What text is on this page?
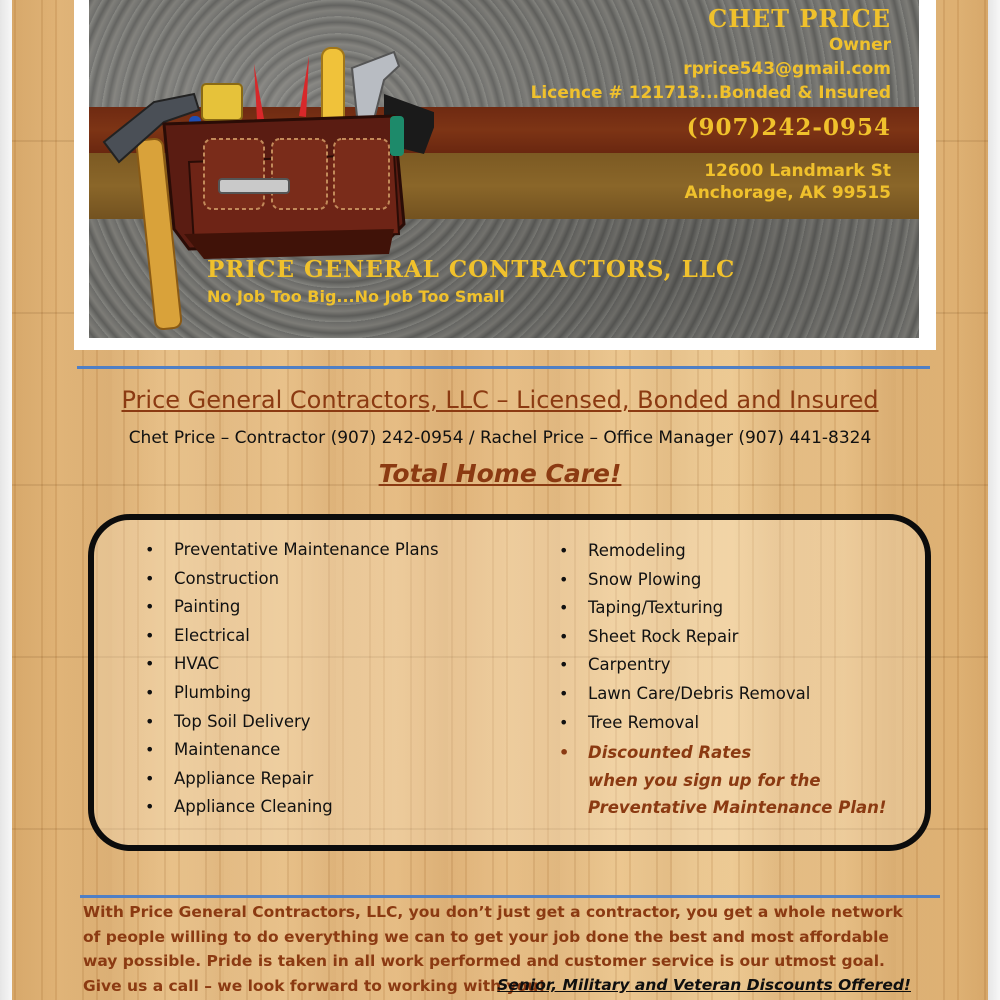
CHET PRICE
Owner
rprice543@gmail.com
Licence # 121713...Bonded & Insured
(907)242-0954
12600 Landmark St
Anchorage, AK 99515
PRICE GENERAL CONTRACTORS, LLC
No Job Too Big...No Job Too Small
Price General Contractors, LLC – Licensed, Bonded and Insured
Chet Price – Contractor (907) 242-0954 / Rachel Price – Office Manager (907) 441-8324
Total Home Care!
• Preventative Maintenance Plans
• Construction
• Painting
• Electrical
• HVAC
• Plumbing
• Top Soil Delivery
• Maintenance
• Appliance Repair
• Appliance Cleaning
• Remodeling
• Snow Plowing
• Taping/Texturing
• Sheet Rock Repair
• Carpentry
• Lawn Care/Debris Removal
• Tree Removal
• Discounted Rates
when you sign up for the
Preventative Maintenance Plan!
With Price General Contractors, LLC, you don’t just get a contractor, you get a whole network of people willing to do everything we can to get your job done the best and most affordable way possible. Pride is taken in all work performed and customer service is our utmost goal. Give us a call – we look forward to working with you!
Senior, Military and Veteran Discounts Offered!
